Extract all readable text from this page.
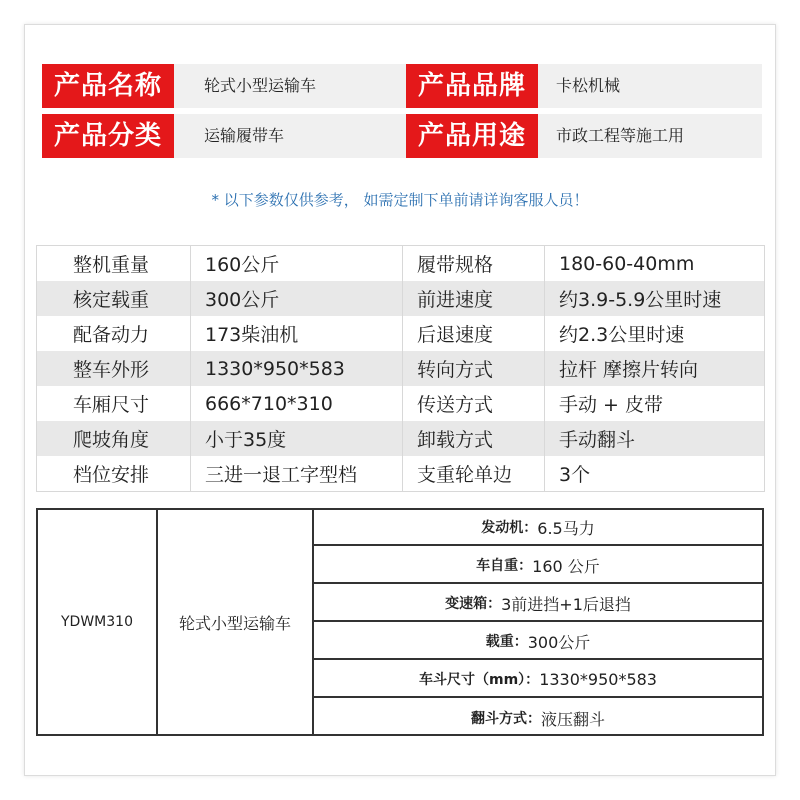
产品名称	轮式小型运输车	产品品牌	卡松机械
产品分类	运输履带车	产品用途	市政工程等施工用
* 以下参数仅供参考， 如需定制下单前请详询客服人员！
整机重量	160公斤	履带规格	180-60-40mm
核定载重	300公斤	前进速度	约3.9-5.9公里时速
配备动力	173柴油机	后退速度	约2.3公里时速
整车外形	1330*950*583	转向方式	拉杆 摩擦片转向
车厢尺寸	666*710*310	传送方式	手动 + 皮带
爬坡角度	小于35度	卸载方式	手动翻斗
档位安排	三进一退工字型档	支重轮单边	3个
YDWM310	轮式小型运输车
发动机： 6.5马力
车自重： 160 公斤
变速箱： 3前进挡+1后退挡
载重： 300公斤
车斗尺寸（mm）： 1330*950*583
翻斗方式： 液压翻斗
